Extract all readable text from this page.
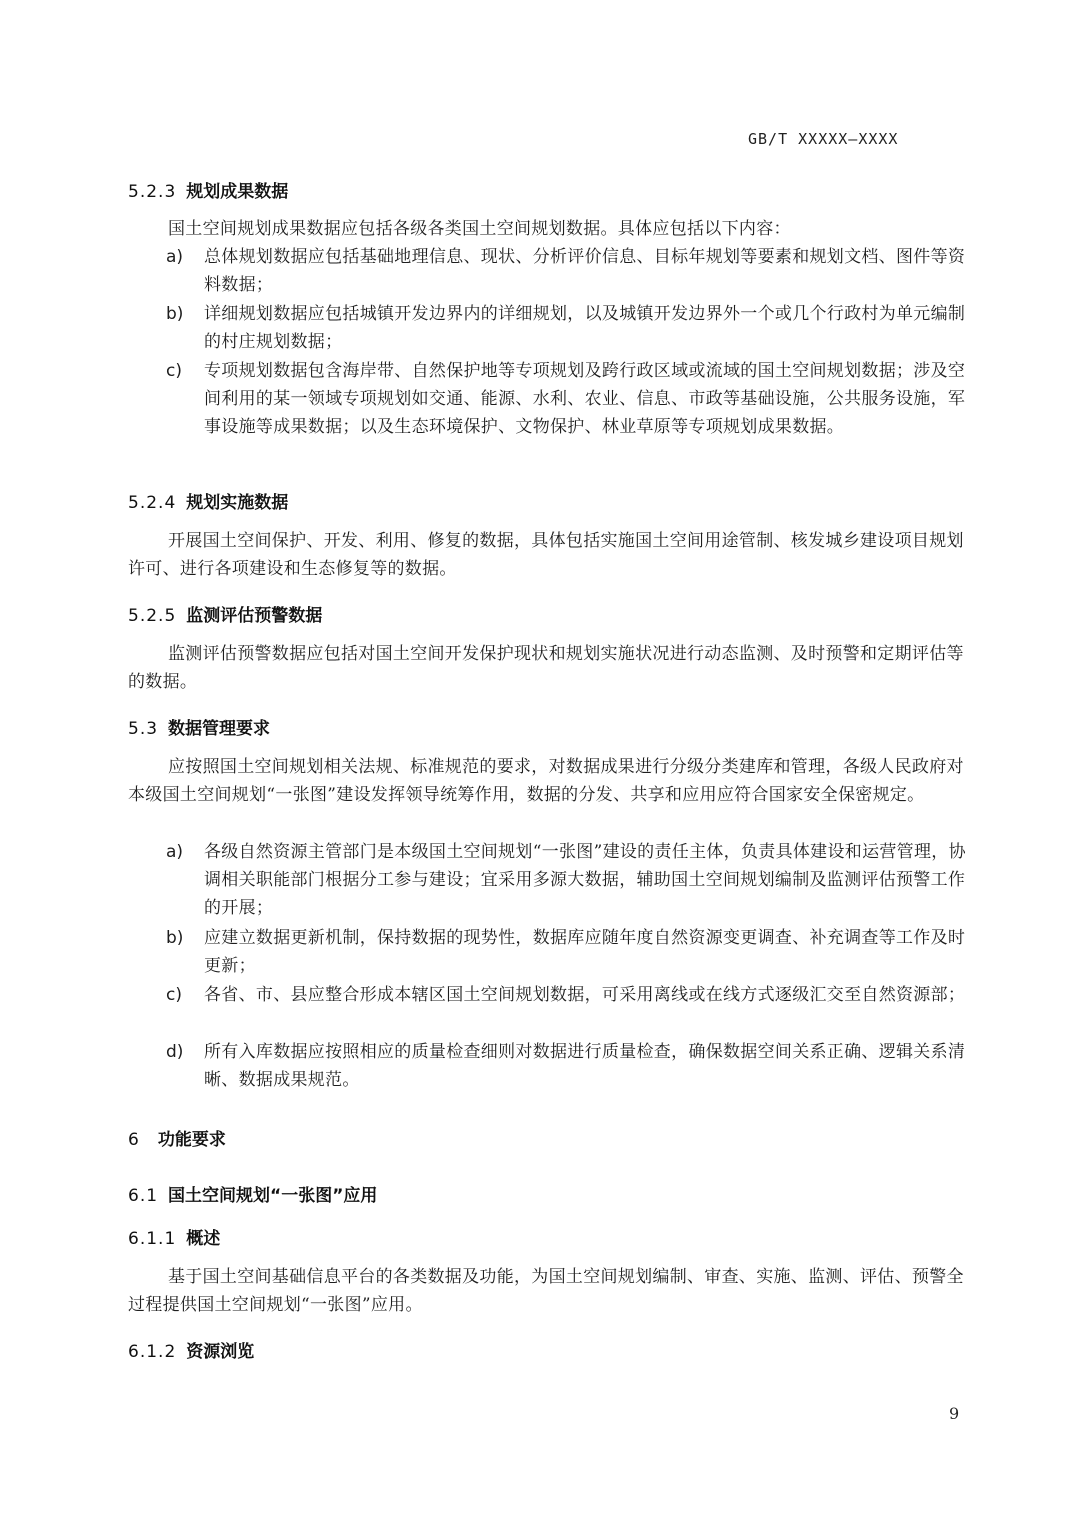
GB/T XXXXX—XXXX
5.2.3 规划成果数据

国土空间规划成果数据应包括各级各类国土空间规划数据。具体应包括以下内容：

a) 总体规划数据应包括基础地理信息、现状、分析评价信息、目标年规划等要素和规划文档、图件等资料数据；
b) 详细规划数据应包括城镇开发边界内的详细规划，以及城镇开发边界外一个或几个行政村为单元编制的村庄规划数据；
c) 专项规划数据包含海岸带、自然保护地等专项规划及跨行政区域或流域的国土空间规划数据；涉及空间利用的某一领域专项规划如交通、能源、水利、农业、信息、市政等基础设施，公共服务设施，军事设施等成果数据；以及生态环境保护、文物保护、林业草原等专项规划成果数据。
5.2.4 规划实施数据

开展国土空间保护、开发、利用、修复的数据，具体包括实施国土空间用途管制、核发城乡建设项目规划许可、进行各项建设和生态修复等的数据。

5.2.5 监测评估预警数据

监测评估预警数据应包括对国土空间开发保护现状和规划实施状况进行动态监测、及时预警和定期评估等的数据。

5.3 数据管理要求

应按照国土空间规划相关法规、标准规范的要求，对数据成果进行分级分类建库和管理，各级人民政府对本级国土空间规划“一张图”建设发挥领导统筹作用，数据的分发、共享和应用应符合国家安全保密规定。

a) 各级自然资源主管部门是本级国土空间规划“一张图”建设的责任主体，负责具体建设和运营管理，协调相关职能部门根据分工参与建设；宜采用多源大数据，辅助国土空间规划编制及监测评估预警工作的开展；
b) 应建立数据更新机制，保持数据的现势性，数据库应随年度自然资源变更调查、补充调查等工作及时更新；
c) 各省、市、县应整合形成本辖区国土空间规划数据，可采用离线或在线方式逐级汇交至自然资源部；
d) 所有入库数据应按照相应的质量检查细则对数据进行质量检查，确保数据空间关系正确、逻辑关系清晰、数据成果规范。
6 功能要求
6.1 国土空间规划“一张图”应用
6.1.1 概述

基于国土空间基础信息平台的各类数据及功能，为国土空间规划编制、审查、实施、监测、评估、预警全过程提供国土空间规划“一张图”应用。

6.1.2 资源浏览
9
